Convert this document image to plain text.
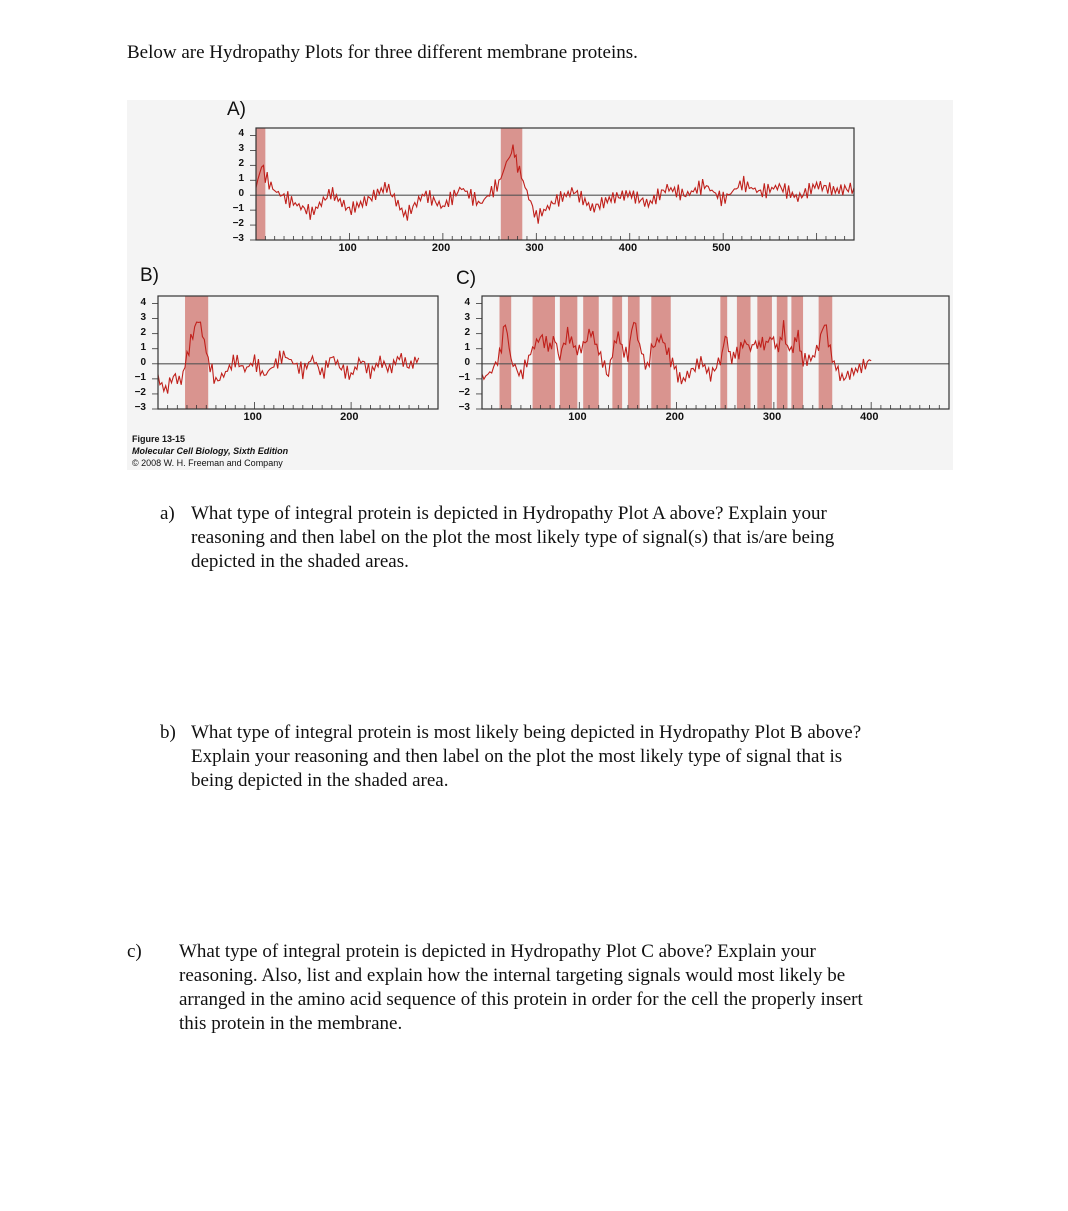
Below are Hydropathy Plots for three different membrane proteins.
A)
4
3
2
1
0
−1
−2
−3
100	200	300	400	500
B)
4
3
2
1
0
−1
−2
−3
100	200
C)
4
3
2
1
0
−1
−2
−3
100	200	300	400
Figure 13-15
Molecular Cell Biology, Sixth Edition
© 2008 W. H. Freeman and Company
a) What type of integral protein is depicted in Hydropathy Plot A above? Explain your
reasoning and then label on the plot the most likely type of signal(s) that is/are being
depicted in the shaded areas.
b) What type of integral protein is most likely being depicted in Hydropathy Plot B above?
Explain your reasoning and then label on the plot the most likely type of signal that is
being depicted in the shaded area.
c) What type of integral protein is depicted in Hydropathy Plot C above? Explain your
reasoning. Also, list and explain how the internal targeting signals would most likely be
arranged in the amino acid sequence of this protein in order for the cell the properly insert
this protein in the membrane.
